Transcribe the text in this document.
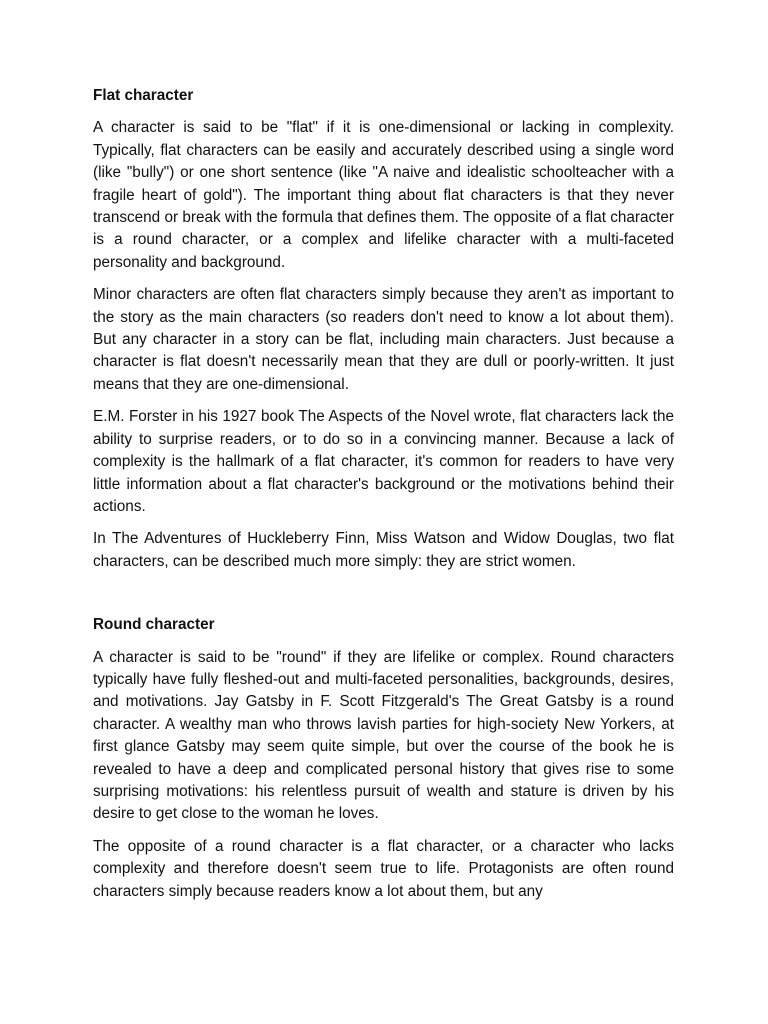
Flat character

A character is said to be "flat" if it is one-dimensional or lacking in complexity. Typically, flat characters can be easily and accurately described using a single word (like "bully") or one short sentence (like "A naive and idealistic schoolteacher with a fragile heart of gold"). The important thing about flat characters is that they never transcend or break with the formula that defines them. The opposite of a flat character is a round character, or a complex and lifelike character with a multi-faceted personality and background.

Minor characters are often flat characters simply because they aren't as important to the story as the main characters (so readers don't need to know a lot about them). But any character in a story can be flat, including main characters. Just because a character is flat doesn't necessarily mean that they are dull or poorly-written. It just means that they are one-dimensional.

E.M. Forster in his 1927 book The Aspects of the Novel wrote, flat characters lack the ability to surprise readers, or to do so in a convincing manner. Because a lack of complexity is the hallmark of a flat character, it's common for readers to have very little information about a flat character's background or the motivations behind their actions.

In The Adventures of Huckleberry Finn, Miss Watson and Widow Douglas, two flat characters, can be described much more simply: they are strict women.

Round character

A character is said to be "round" if they are lifelike or complex. Round characters typically have fully fleshed-out and multi-faceted personalities, backgrounds, desires, and motivations. Jay Gatsby in F. Scott Fitzgerald's The Great Gatsby is a round character. A wealthy man who throws lavish parties for high-society New Yorkers, at first glance Gatsby may seem quite simple, but over the course of the book he is revealed to have a deep and complicated personal history that gives rise to some surprising motivations: his relentless pursuit of wealth and stature is driven by his desire to get close to the woman he loves.

The opposite of a round character is a flat character, or a character who lacks complexity and therefore doesn't seem true to life. Protagonists are often round characters simply because readers know a lot about them, but any
